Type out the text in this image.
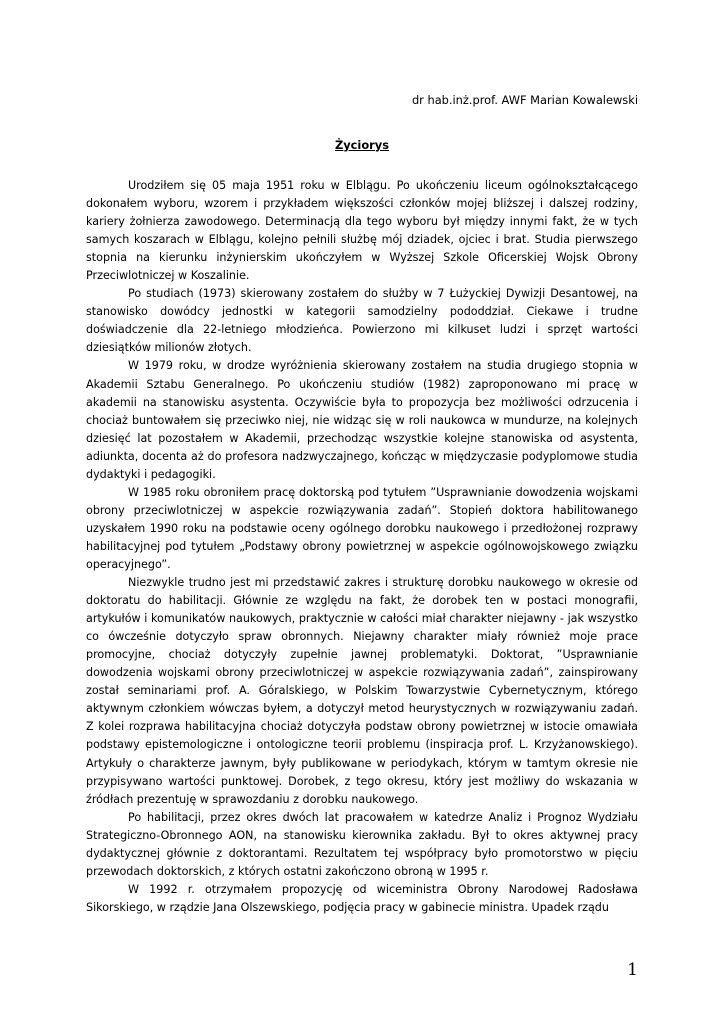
dr hab.inż.prof. AWF Marian Kowalewski
Życiorys

Urodziłem się 05 maja 1951 roku w Elblągu. Po ukończeniu liceum ogólnokształcącego dokonałem wyboru, wzorem i przykładem większości członków mojej bliższej i dalszej rodziny, kariery żołnierza zawodowego. Determinacją dla tego wyboru był między innymi fakt, że w tych samych koszarach w Elblągu, kolejno pełnili służbę mój dziadek, ojciec i brat. Studia pierwszego stopnia na kierunku inżynierskim ukończyłem w Wyższej Szkole Oficerskiej Wojsk Obrony Przeciwlotniczej w Koszalinie.

Po studiach (1973) skierowany zostałem do służby w 7 Łużyckiej Dywizji Desantowej, na stanowisko dowódcy jednostki w kategorii samodzielny pododdział. Ciekawe i trudne doświadczenie dla 22-letniego młodzieńca. Powierzono mi kilkuset ludzi i sprzęt wartości dziesiątków milionów złotych.

W 1979 roku, w drodze wyróżnienia skierowany zostałem na studia drugiego stopnia w Akademii Sztabu Generalnego. Po ukończeniu studiów (1982) zaproponowano mi pracę w akademii na stanowisku asystenta. Oczywiście była to propozycja bez możliwości odrzucenia i chociaż buntowałem się przeciwko niej, nie widząc się w roli naukowca w mundurze, na kolejnych dziesięć lat pozostałem w Akademii, przechodząc wszystkie kolejne stanowiska od asystenta, adiunkta, docenta aż do profesora nadzwyczajnego, kończąc w międzyczasie podyplomowe studia dydaktyki i pedagogiki.

W 1985 roku obroniłem pracę doktorską pod tytułem ”Usprawnianie dowodzenia wojskami obrony przeciwlotniczej w aspekcie rozwiązywania zadań”. Stopień doktora habilitowanego uzyskałem 1990 roku na podstawie oceny ogólnego dorobku naukowego i przedłożonej rozprawy habilitacyjnej pod tytułem „Podstawy obrony powietrznej w aspekcie ogólnowojskowego związku operacyjnego”.

Niezwykle trudno jest mi przedstawić zakres i strukturę dorobku naukowego w okresie od doktoratu do habilitacji. Głównie ze względu na fakt, że dorobek ten w postaci monografii, artykułów i komunikatów naukowych, praktycznie w całości miał charakter niejawny - jak wszystko co ówcześnie dotyczyło spraw obronnych. Niejawny charakter miały również moje prace promocyjne, chociaż dotyczyły zupełnie jawnej problematyki. Doktorat, ”Usprawnianie dowodzenia wojskami obrony przeciwlotniczej w aspekcie rozwiązywania zadań”, zainspirowany został seminariami prof. A. Góralskiego, w Polskim Towarzystwie Cybernetycznym, którego aktywnym członkiem wówczas byłem, a dotyczył metod heurystycznych w rozwiązywaniu zadań. Z kolei rozprawa habilitacyjna chociaż dotyczyła podstaw obrony powietrznej w istocie omawiała podstawy epistemologiczne i ontologiczne teorii problemu (inspiracja prof. L. Krzyżanowskiego). Artykuły o charakterze jawnym, były publikowane w periodykach, którym w tamtym okresie nie przypisywano wartości punktowej. Dorobek, z tego okresu, który jest możliwy do wskazania w źródłach prezentuję w sprawozdaniu z dorobku naukowego.

Po habilitacji, przez okres dwóch lat pracowałem w katedrze Analiz i Prognoz Wydziału Strategiczno-Obronnego AON, na stanowisku kierownika zakładu. Był to okres aktywnej pracy dydaktycznej głównie z doktorantami. Rezultatem tej współpracy było promotorstwo w pięciu przewodach doktorskich, z których ostatni zakończono obroną w 1995 r.

W 1992 r. otrzymałem propozycję od wiceministra Obrony Narodowej Radosława Sikorskiego, w rządzie Jana Olszewskiego, podjęcia pracy w gabinecie ministra. Upadek rządu

1
